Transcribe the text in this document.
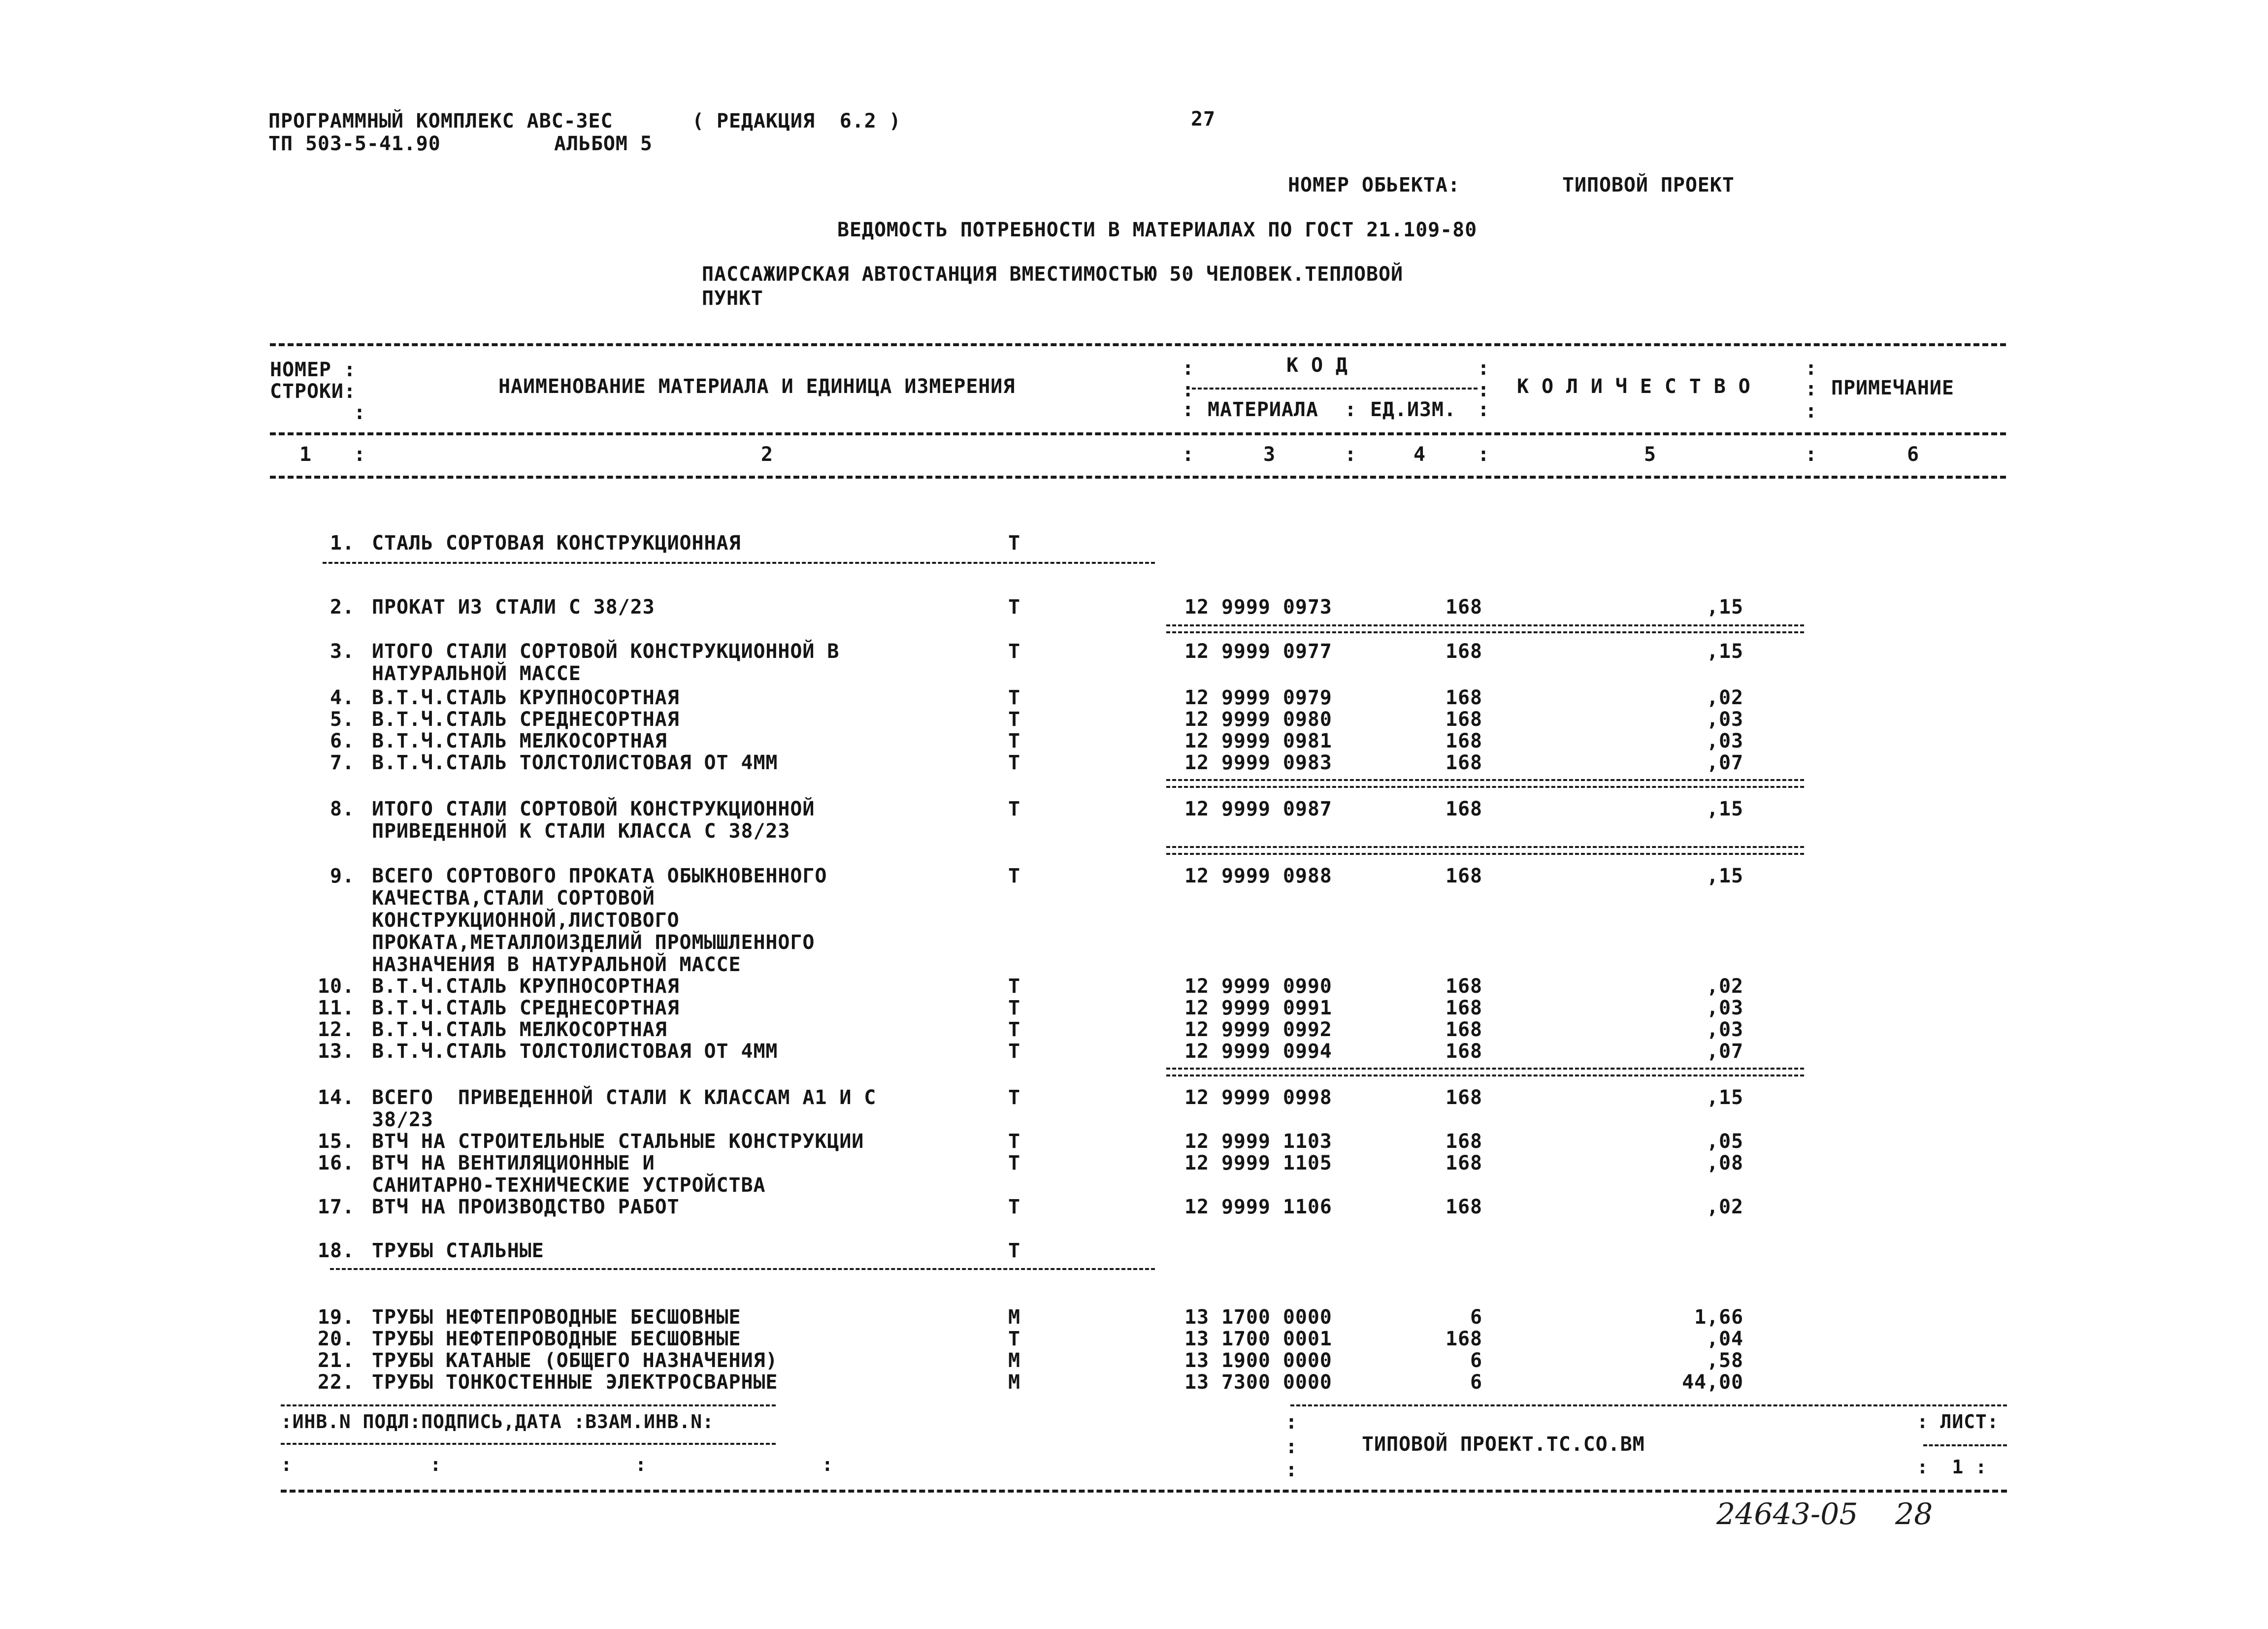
ПРОГРАММНЫЙ КОМПЛЕКС АВС-ЗЕС	( РЕДАКЦИЯ  6.2 )	27
ТП 503-5-41.90	АЛЬБОМ 5
НОМЕР ОБЬЕКТА:	ТИПОВОЙ ПРОЕКТ
ВЕДОМОСТЬ ПОТРЕБНОСТИ В МАТЕРИАЛАХ ПО ГОСТ 21.109-80
ПАССАЖИРСКАЯ АВТОСТАНЦИЯ ВМЕСТИМОСТЬЮ 50 ЧЕЛОВЕК.ТЕПЛОВОЙ
ПУНКТ
НОМЕР :
СТРОКИ:
:
НАИМЕНОВАНИЕ МАТЕРИАЛА И ЕДИНИЦА ИЗМЕРЕНИЯ
:	К О Д	:
:	:
: МАТЕРИАЛА : ЕД.ИЗМ. :
К О Л И Ч Е С Т В О	: ПРИМЕЧАНИЕ
:
:
1 :	2	:	3	:	4	:	5	:	6
1. СТАЛЬ СОРТОВАЯ КОНСТРУКЦИОННАЯ	Т
2. ПРОКАТ ИЗ СТАЛИ С 38/23	Т	12 9999 0973	168	,15
3. ИТОГО СТАЛИ СОРТОВОЙ КОНСТРУКЦИОННОЙ В
НАТУРАЛЬНОЙ МАССЕ
Т	12 9999 0977	168	,15
4. В.Т.Ч.СТАЛЬ КРУПНОСОРТНАЯ	Т	12 9999 0979	168	,02
5. В.Т.Ч.СТАЛЬ СРЕДНЕСОРТНАЯ	Т	12 9999 0980	168	,03
6. В.Т.Ч.СТАЛЬ МЕЛКОСОРТНАЯ	Т	12 9999 0981	168	,03
7. В.Т.Ч.СТАЛЬ ТОЛСТОЛИСТОВАЯ ОТ 4ММ	Т	12 9999 0983	168	,07
8. ИТОГО СТАЛИ СОРТОВОЙ КОНСТРУКЦИОННОЙ
ПРИВЕДЕННОЙ К СТАЛИ КЛАССА С 38/23
Т	12 9999 0987	168	,15
9. ВСЕГО СОРТОВОГО ПРОКАТА ОБЫКНОВЕННОГО
КАЧЕСТВА,СТАЛИ СОРТОВОЙ
КОНСТРУКЦИОННОЙ,ЛИСТОВОГО
ПРОКАТА,МЕТАЛЛОИЗДЕЛИЙ ПРОМЫШЛЕННОГО
НАЗНАЧЕНИЯ В НАТУРАЛЬНОЙ МАССЕ
Т	12 9999 0988	168	,15
10. В.Т.Ч.СТАЛЬ КРУПНОСОРТНАЯ	Т	12 9999 0990	168	,02
11. В.Т.Ч.СТАЛЬ СРЕДНЕСОРТНАЯ	Т	12 9999 0991	168	,03
12. В.Т.Ч.СТАЛЬ МЕЛКОСОРТНАЯ	Т	12 9999 0992	168	,03
13. В.Т.Ч.СТАЛЬ ТОЛСТОЛИСТОВАЯ ОТ 4ММ	Т	12 9999 0994	168	,07
14. ВСЕГО  ПРИВЕДЕННОЙ СТАЛИ К КЛАССАМ А1 И С
38/23
Т	12 9999 0998	168	,15
15. ВТЧ НА СТРОИТЕЛЬНЫЕ СТАЛЬНЫЕ КОНСТРУКЦИИ	Т	12 9999 1103	168	,05
16. ВТЧ НА ВЕНТИЛЯЦИОННЫЕ И
САНИТАРНО-ТЕХНИЧЕСКИЕ УСТРОЙСТВА
Т	12 9999 1105	168	,08
17. ВТЧ НА ПРОИЗВОДСТВО РАБОТ	Т	12 9999 1106	168	,02
18. ТРУБЫ СТАЛЬНЫЕ	Т
19. ТРУБЫ НЕФТЕПРОВОДНЫЕ БЕСШОВНЫЕ	М	13 1700 0000	6	1,66
20. ТРУБЫ НЕФТЕПРОВОДНЫЕ БЕСШОВНЫЕ	Т	13 1700 0001	168	,04
21. ТРУБЫ КАТАНЫЕ (ОБЩЕГО НАЗНАЧЕНИЯ)	М	13 1900 0000	6	,58
22. ТРУБЫ ТОНКОСТЕННЫЕ ЭЛЕКТРОСВАРНЫЕ	М	13 7300 0000	6	44,00
:ИНВ.N ПОДЛ:ПОДПИСЬ,ДАТА :ВЗАМ.ИНВ.N:
:       :          :         :
:
:
:
ТИПОВОЙ ПРОЕКТ.ТС.СО.ВМ
: ЛИСТ:
:  1 :
24643-05 28
